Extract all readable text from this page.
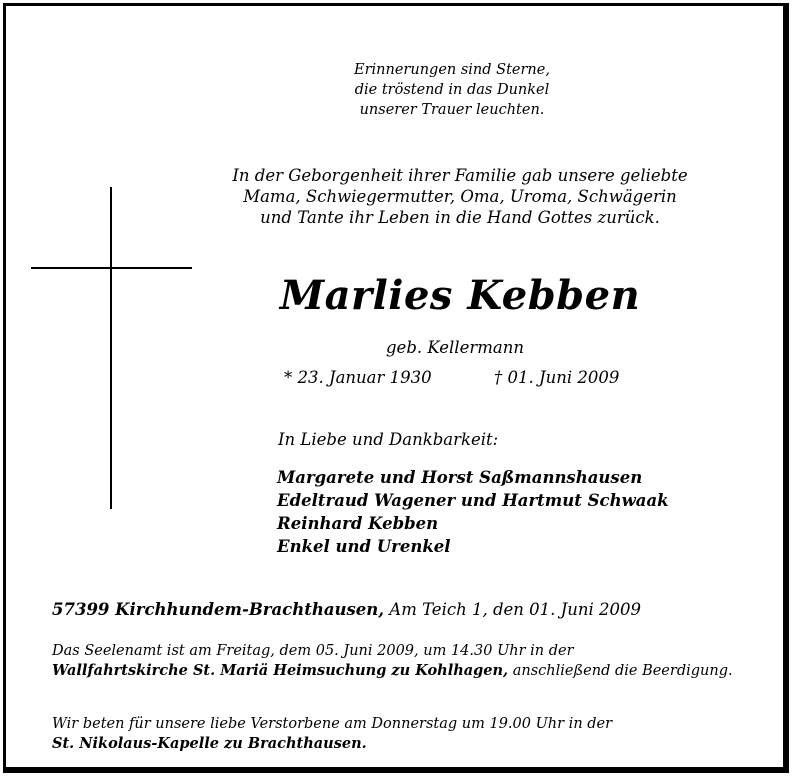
Erinnerungen sind Sterne,
die tröstend in das Dunkel
unserer Trauer leuchten.
In der Geborgenheit ihrer Familie gab unsere geliebte
Mama, Schwiegermutter, Oma, Uroma, Schwägerin
und Tante ihr Leben in die Hand Gottes zurück.
Marlies Kebben
geb. Kellermann
* 23. Januar 1930	† 01. Juni 2009
In Liebe und Dankbarkeit:
Margarete und Horst Saßmannshausen
Edeltraud Wagener und Hartmut Schwaak
Reinhard Kebben
Enkel und Urenkel
57399 Kirchhundem-Brachthausen, Am Teich 1, den 01. Juni 2009
Das Seelenamt ist am Freitag, dem 05. Juni 2009, um 14.30 Uhr in der
Wallfahrtskirche St. Mariä Heimsuchung zu Kohlhagen, anschließend die Beerdigung.
Wir beten für unsere liebe Verstorbene am Donnerstag um 19.00 Uhr in der
St. Nikolaus-Kapelle zu Brachthausen.
